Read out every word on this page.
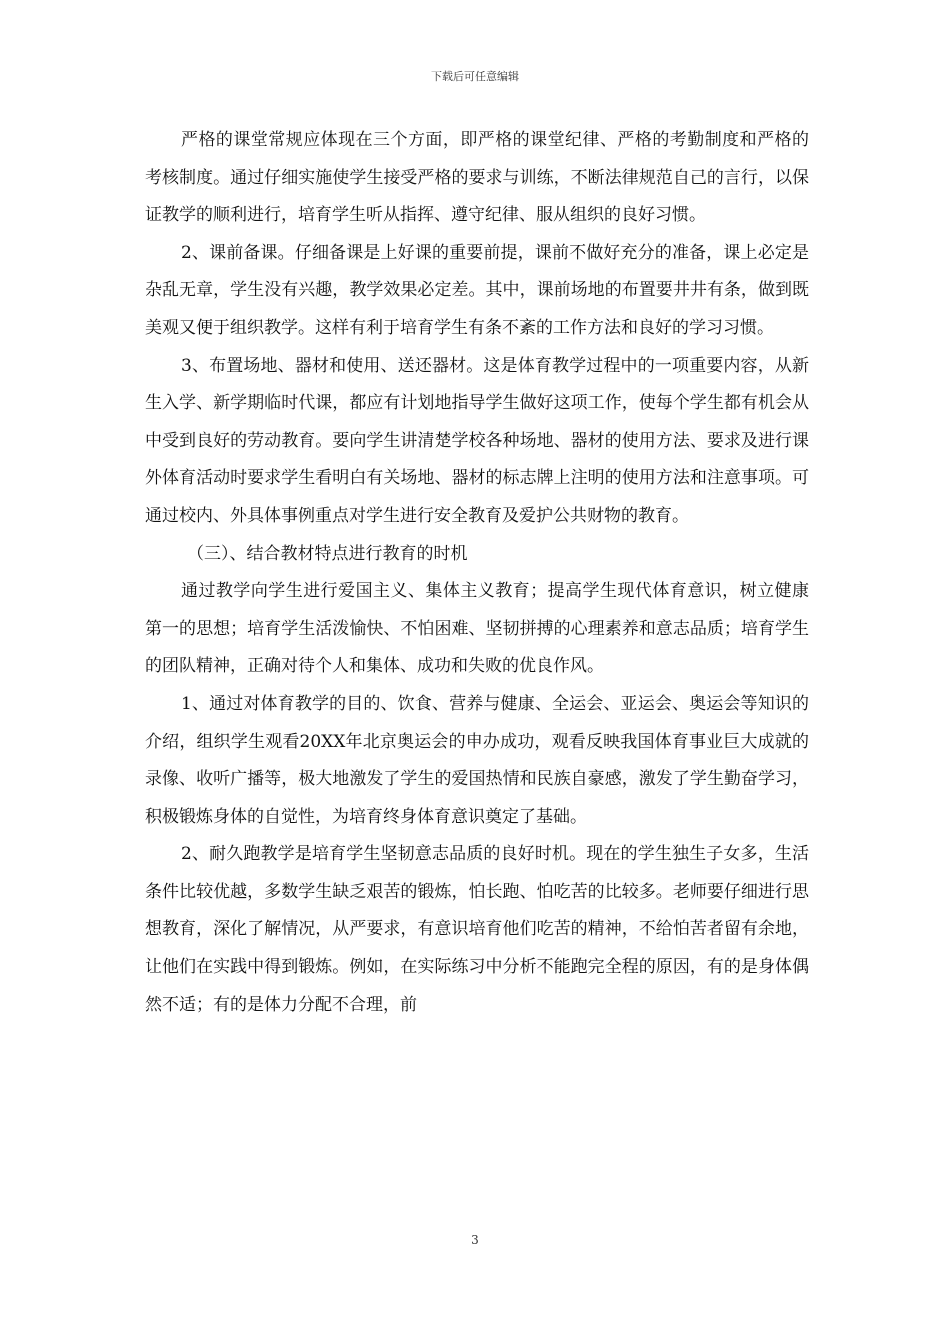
下载后可任意编辑

严格的课堂常规应体现在三个方面，即严格的课堂纪律、严格的考勤制度和严格的考核制度。通过仔细实施使学生接受严格的要求与训练，不断法律规范自己的言行，以保证教学的顺利进行，培育学生听从指挥、遵守纪律、服从组织的良好习惯。

2、课前备课。仔细备课是上好课的重要前提，课前不做好充分的准备，课上必定是杂乱无章，学生没有兴趣，教学效果必定差。其中，课前场地的布置要井井有条，做到既美观又便于组织教学。这样有利于培育学生有条不紊的工作方法和良好的学习习惯。

3、布置场地、器材和使用、送还器材。这是体育教学过程中的一项重要内容，从新生入学、新学期临时代课，都应有计划地指导学生做好这项工作，使每个学生都有机会从中受到良好的劳动教育。要向学生讲清楚学校各种场地、器材的使用方法、要求及进行课外体育活动时要求学生看明白有关场地、器材的标志牌上注明的使用方法和注意事项。可通过校内、外具体事例重点对学生进行安全教育及爱护公共财物的教育。

（三）、结合教材特点进行教育的时机

通过教学向学生进行爱国主义、集体主义教育；提高学生现代体育意识，树立健康第一的思想；培育学生活泼愉快、不怕困难、坚韧拼搏的心理素养和意志品质；培育学生的团队精神，正确对待个人和集体、成功和失败的优良作风。

1、通过对体育教学的目的、饮食、营养与健康、全运会、亚运会、奥运会等知识的介绍，组织学生观看20XX年北京奥运会的申办成功，观看反映我国体育事业巨大成就的录像、收听广播等，极大地激发了学生的爱国热情和民族自豪感，激发了学生勤奋学习，积极锻炼身体的自觉性，为培育终身体育意识奠定了基础。

2、耐久跑教学是培育学生坚韧意志品质的良好时机。现在的学生独生子女多，生活条件比较优越，多数学生缺乏艰苦的锻炼，怕长跑、怕吃苦的比较多。老师要仔细进行思想教育，深化了解情况，从严要求，有意识培育他们吃苦的精神，不给怕苦者留有余地，让他们在实践中得到锻炼。例如，在实际练习中分析不能跑完全程的原因，有的是身体偶然不适；有的是体力分配不合理，前

3
